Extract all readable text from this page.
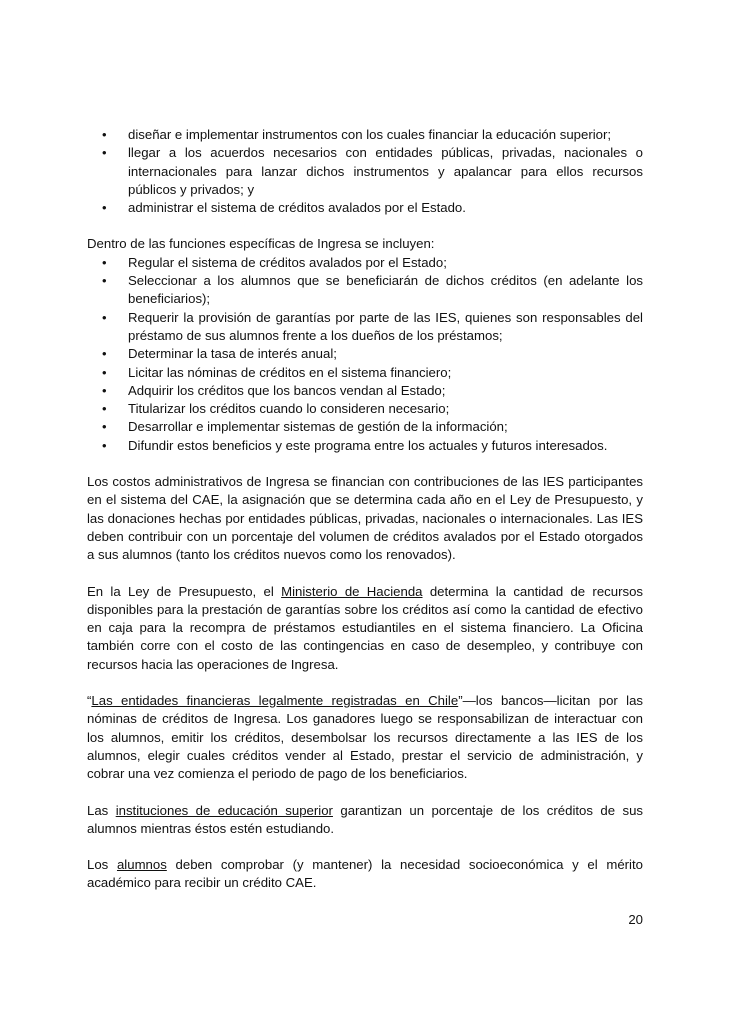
• diseñar e implementar instrumentos con los cuales financiar la educación superior;
• llegar a los acuerdos necesarios con entidades públicas, privadas, nacionales o internacionales para lanzar dichos instrumentos y apalancar para ellos recursos públicos y privados; y
• administrar el sistema de créditos avalados por el Estado.

Dentro de las funciones específicas de Ingresa se incluyen:

• Regular el sistema de créditos avalados por el Estado;
• Seleccionar a los alumnos que se beneficiarán de dichos créditos (en adelante los beneficiarios);
• Requerir la provisión de garantías por parte de las IES, quienes son responsables del préstamo de sus alumnos frente a los dueños de los préstamos;
• Determinar la tasa de interés anual;
• Licitar las nóminas de créditos en el sistema financiero;
• Adquirir los créditos que los bancos vendan al Estado;
• Titularizar los créditos cuando lo consideren necesario;
• Desarrollar e implementar sistemas de gestión de la información;
• Difundir estos beneficios y este programa entre los actuales y futuros interesados.

Los costos administrativos de Ingresa se financian con contribuciones de las IES participantes en el sistema del CAE, la asignación que se determina cada año en el Ley de Presupuesto, y las donaciones hechas por entidades públicas, privadas, nacionales o internacionales. Las IES deben contribuir con un porcentaje del volumen de créditos avalados por el Estado otorgados a sus alumnos (tanto los créditos nuevos como los renovados).

En la Ley de Presupuesto, el Ministerio de Hacienda determina la cantidad de recursos disponibles para la prestación de garantías sobre los créditos así como la cantidad de efectivo en caja para la recompra de préstamos estudiantiles en el sistema financiero. La Oficina también corre con el costo de las contingencias en caso de desempleo, y contribuye con recursos hacia las operaciones de Ingresa.

“Las entidades financieras legalmente registradas en Chile”—los bancos—licitan por las nóminas de créditos de Ingresa. Los ganadores luego se responsabilizan de interactuar con los alumnos, emitir los créditos, desembolsar los recursos directamente a las IES de los alumnos, elegir cuales créditos vender al Estado, prestar el servicio de administración, y cobrar una vez comienza el periodo de pago de los beneficiarios.

Las instituciones de educación superior garantizan un porcentaje de los créditos de sus alumnos mientras éstos estén estudiando.

Los alumnos deben comprobar (y mantener) la necesidad socioeconómica y el mérito académico para recibir un crédito CAE.

20
